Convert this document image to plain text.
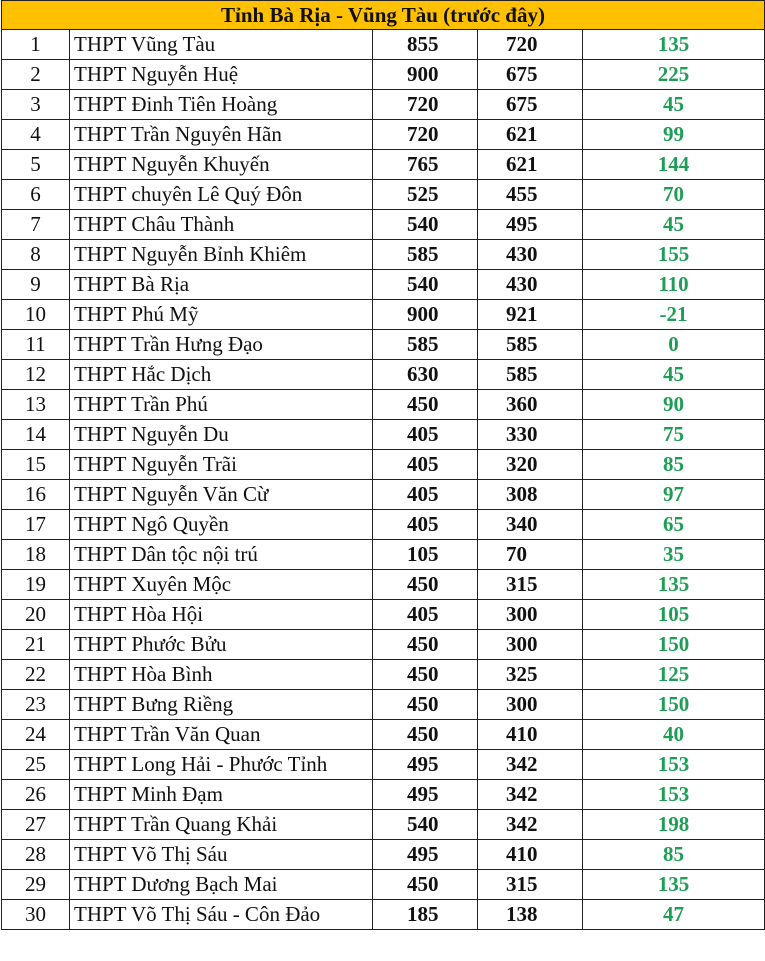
Tỉnh Bà Rịa - Vũng Tàu (trước đây)				
1	THPT Vũng Tàu	855	720	135
2	THPT Nguyễn Huệ	900	675	225
3	THPT Đinh Tiên Hoàng	720	675	45
4	THPT Trần Nguyên Hãn	720	621	99
5	THPT Nguyễn Khuyến	765	621	144
6	THPT chuyên Lê Quý Đôn	525	455	70
7	THPT Châu Thành	540	495	45
8	THPT Nguyễn Bỉnh Khiêm	585	430	155
9	THPT Bà Rịa	540	430	110
10	THPT Phú Mỹ	900	921	-21
11	THPT Trần Hưng Đạo	585	585	0
12	THPT Hắc Dịch	630	585	45
13	THPT Trần Phú	450	360	90
14	THPT Nguyễn Du	405	330	75
15	THPT Nguyễn Trãi	405	320	85
16	THPT Nguyễn Văn Cừ	405	308	97
17	THPT Ngô Quyền	405	340	65
18	THPT Dân tộc nội trú	105	70	35
19	THPT Xuyên Mộc	450	315	135
20	THPT Hòa Hội	405	300	105
21	THPT Phước Bửu	450	300	150
22	THPT Hòa Bình	450	325	125
23	THPT Bưng Riềng	450	300	150
24	THPT Trần Văn Quan	450	410	40
25	THPT Long Hải - Phước Tỉnh	495	342	153
26	THPT Minh Đạm	495	342	153
27	THPT Trần Quang Khải	540	342	198
28	THPT Võ Thị Sáu	495	410	85
29	THPT Dương Bạch Mai	450	315	135
30	THPT Võ Thị Sáu - Côn Đảo	185	138	47
